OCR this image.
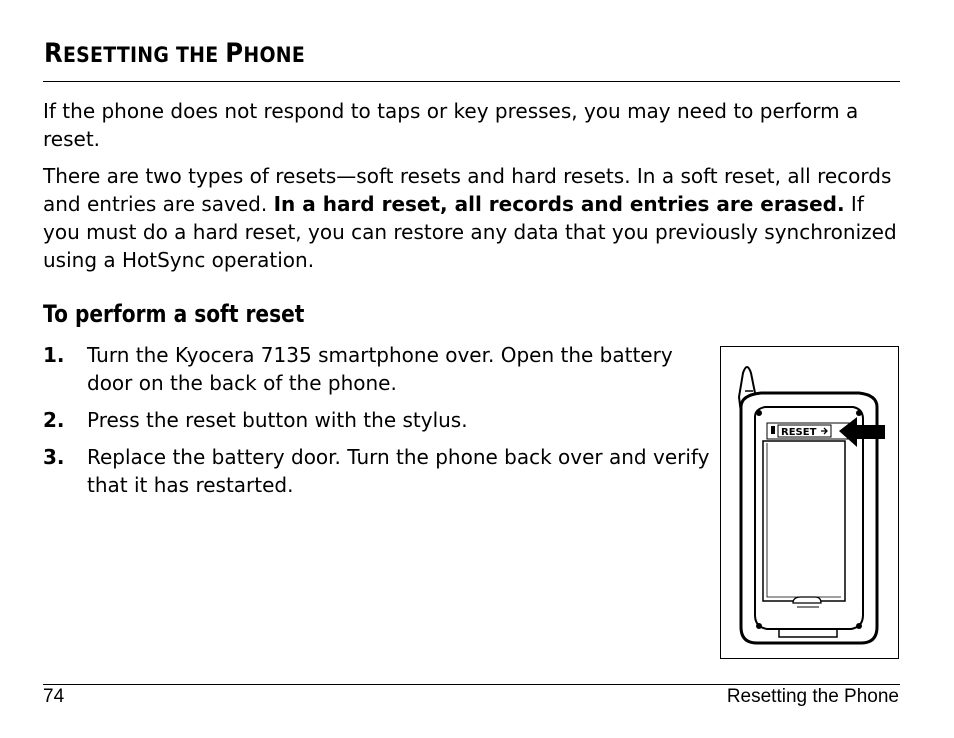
RESETTING THE PHONE

If the phone does not respond to taps or key presses, you may need to perform a reset.

There are two types of resets—soft resets and hard resets. In a soft reset, all records and entries are saved. In a hard reset, all records and entries are erased. If you must do a hard reset, you can restore any data that you previously synchronized using a HotSync operation.

To perform a soft reset
1. Turn the Kyocera 7135 smartphone over. Open the battery door on the back of the phone.
2. Press the reset button with the stylus.
3. Replace the battery door. Turn the phone back over and verify that it has restarted.
RESET
74	Resetting the Phone
